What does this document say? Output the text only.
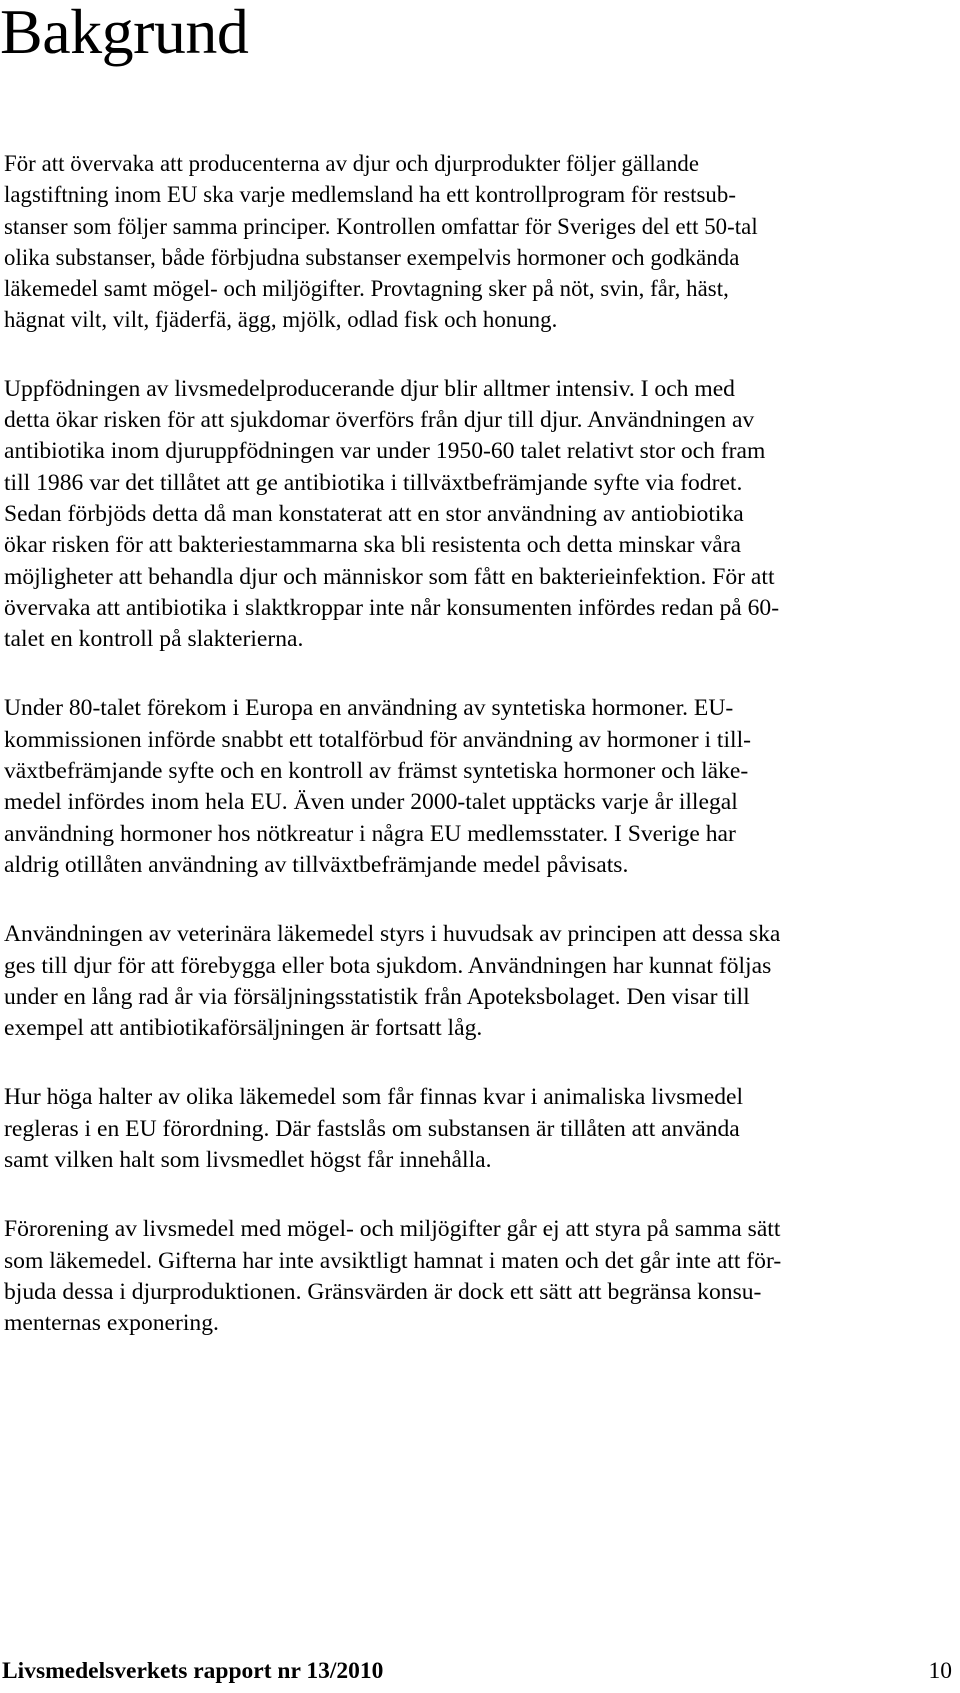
Bakgrund

För att övervaka att producenterna av djur och djurprodukter följer gällande
lagstiftning inom EU ska varje medlemsland ha ett kontrollprogram för restsub-
stanser som följer samma principer. Kontrollen omfattar för Sveriges del ett 50-tal
olika substanser, både förbjudna substanser exempelvis hormoner och godkända
läkemedel samt mögel- och miljögifter. Provtagning sker på nöt, svin, får, häst,
hägnat vilt, vilt, fjäderfä, ägg, mjölk, odlad fisk och honung.

Uppfödningen av livsmedelproducerande djur blir alltmer intensiv. I och med
detta ökar risken för att sjukdomar överförs från djur till djur. Användningen av
antibiotika inom djuruppfödningen var under 1950-60 talet relativt stor och fram
till 1986 var det tillåtet att ge antibiotika i tillväxtbefrämjande syfte via fodret.
Sedan förbjöds detta då man konstaterat att en stor användning av antiobiotika
ökar risken för att bakteriestammarna ska bli resistenta och detta minskar våra
möjligheter att behandla djur och människor som fått en bakterieinfektion. För att
övervaka att antibiotika i slaktkroppar inte når konsumenten infördes redan på 60-
talet en kontroll på slakterierna.

Under 80-talet förekom i Europa en användning av syntetiska hormoner. EU-
kommissionen införde snabbt ett totalförbud för användning av hormoner i till-
växtbefrämjande syfte och en kontroll av främst syntetiska hormoner och läke-
medel infördes inom hela EU. Även under 2000-talet upptäcks varje år illegal
användning hormoner hos nötkreatur i några EU medlemsstater. I Sverige har
aldrig otillåten användning av tillväxtbefrämjande medel påvisats.

Användningen av veterinära läkemedel styrs i huvudsak av principen att dessa ska
ges till djur för att förebygga eller bota sjukdom. Användningen har kunnat följas
under en lång rad år via försäljningsstatistik från Apoteksbolaget. Den visar till
exempel att antibiotikaförsäljningen är fortsatt låg.

Hur höga halter av olika läkemedel som får finnas kvar i animaliska livsmedel
regleras i en EU förordning. Där fastslås om substansen är tillåten att använda
samt vilken halt som livsmedlet högst får innehålla.

Förorening av livsmedel med mögel- och miljögifter går ej att styra på samma sätt
som läkemedel. Gifterna har inte avsiktligt hamnat i maten och det går inte att för-
bjuda dessa i djurproduktionen. Gränsvärden är dock ett sätt att begränsa konsu-
menternas exponering.

Livsmedelsverkets rapport nr 13/2010	10
